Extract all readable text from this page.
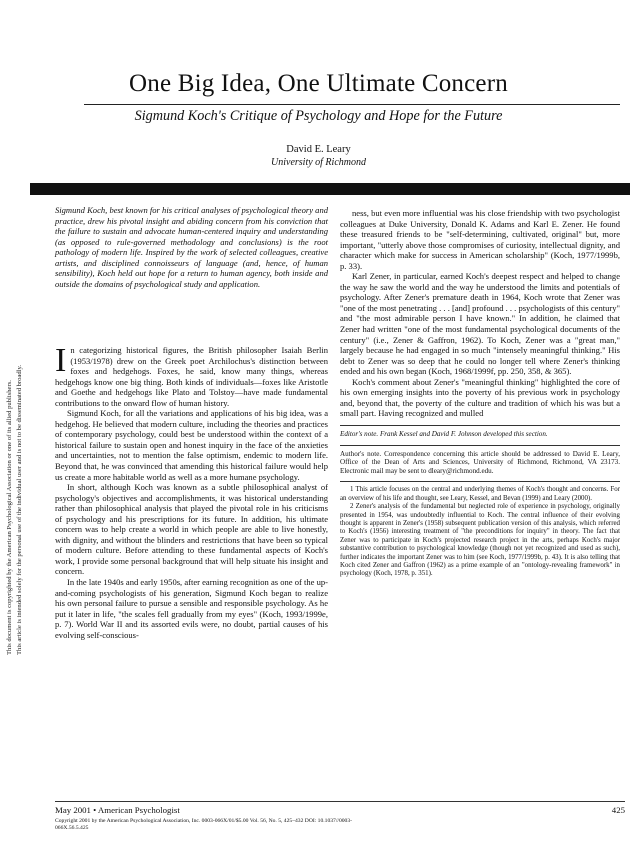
This document is copyrighted by the American Psychological Association or one of its allied publishers. This article is intended solely for the personal use of the individual user and is not to be disseminated broadly.
One Big Idea, One Ultimate Concern
Sigmund Koch's Critique of Psychology and Hope for the Future
David E. Leary
University of Richmond

Sigmund Koch, best known for his critical analyses of psychological theory and practice, drew his pivotal insight and abiding concern from his conviction that the failure to sustain and advocate human-centered inquiry and understanding (as opposed to rule-governed methodology and conclusions) is the root pathology of modern life. Inspired by the work of selected colleagues, creative artists, and disciplined connoisseurs of language (and, hence, of human sensibility), Koch held out hope for a return to human agency, both inside and outside the domains of psychological study and application.

In categorizing historical figures, the British philosopher Isaiah Berlin (1953/1978) drew on the Greek poet Archilochus's distinction between foxes and hedgehogs. Foxes, he said, know many things, whereas hedgehogs know one big thing. Both kinds of individuals—foxes like Aristotle and Goethe and hedgehogs like Plato and Tolstoy—have made fundamental contributions to the onward flow of human history.

Sigmund Koch, for all the variations and applications of his big idea, was a hedgehog. He believed that modern culture, including the theories and practices of contemporary psychology, could best be understood within the context of a historical failure to sustain open and honest inquiry in the face of the anxieties and uncertainties, not to mention the false optimism, endemic to modern life. Beyond that, he was convinced that amending this historical failure would help us create a more habitable world as well as a more humane psychology.

In short, although Koch was known as a subtle philosophical analyst of psychology's objectives and accomplishments, it was historical understanding rather than philosophical analysis that played the pivotal role in his criticisms of psychology and his prescriptions for its future. In addition, his ultimate concern was to help create a world in which people are able to live honestly, with dignity, and without the blinders and restrictions that have been so typical of modern culture. Before attending to these fundamental aspects of Koch's work, I provide some personal background that will help situate his insight and concern.

In the late 1940s and early 1950s, after earning recognition as one of the up-and-coming psychologists of his generation, Sigmund Koch began to realize his own personal failure to pursue a sensible and responsible psychology. As he put it later in life, "the scales fell gradually from my eyes" (Koch, 1993/1999e, p. 7). World War II and its assorted evils were, no doubt, partial causes of his evolving self-conscious-

ness, but even more influential was his close friendship with two psychologist colleagues at Duke University, Donald K. Adams and Karl E. Zener. He found these treasured friends to be "self-determining, cultivated, original" but, more important, "utterly above those compromises of curiosity, intellectual dignity, and character which make for success in American scholarship" (Koch, 1977/1999b, p. 33).

Karl Zener, in particular, earned Koch's deepest respect and helped to change the way he saw the world and the way he understood the limits and potentials of psychology. After Zener's premature death in 1964, Koch wrote that Zener was "one of the most penetrating . . . [and] profound . . . psychologists of this century" and "the most admirable person I have known." In addition, he claimed that Zener had written "one of the most fundamental psychological documents of the century" (i.e., Zener & Gaffron, 1962). To Koch, Zener was a "great man," largely because he had engaged in so much "intensely meaningful thinking." His debt to Zener was so deep that he could no longer tell where Zener's thinking ended and his own began (Koch, 1968/1999f, pp. 250, 358, & 365).

Koch's comment about Zener's "meaningful thinking" highlighted the core of his own emerging insights into the poverty of his previous work in psychology and, beyond that, the poverty of the culture and tradition of which his was but a small part. Having recognized and mulled

Editor's note. Frank Kessel and David F. Johnson developed this section.

Author's note. Correspondence concerning this article should be addressed to David E. Leary, Office of the Dean of Arts and Sciences, University of Richmond, Richmond, VA 23173. Electronic mail may be sent to dleary@richmond.edu.

1 This article focuses on the central and underlying themes of Koch's thought and concerns. For an overview of his life and thought, see Leary, Kessel, and Bevan (1999) and Leary (2000).

2 Zener's analysis of the fundamental but neglected role of experience in psychology, originally presented in 1954, was undoubtedly influential to Koch. The central influence of their evolving thought is apparent in Zener's (1958) subsequent publication version of this analysis, which referred to Koch's (1956) interesting treatment of "the preconditions for inquiry" in theory. The fact that Zener was to participate in Koch's projected research project in the arts, perhaps Koch's major substantive contribution to psychological knowledge (though not yet recognized and used as such), further indicates the important Zener was to him (see Koch, 1977/1999b, p. 43). It is also telling that Koch cited Zener and Gaffron (1962) as a prime example of an "ontology-revealing framework" in psychology (Koch, 1978, p. 351).

May 2001 • American Psychologist	425
Copyright 2001 by the American Psychological Association, Inc. 0003-066X/01/$5.00 Vol. 56, No. 5, 425–432 DOI: 10.1037//0003-066X.56.5.425
